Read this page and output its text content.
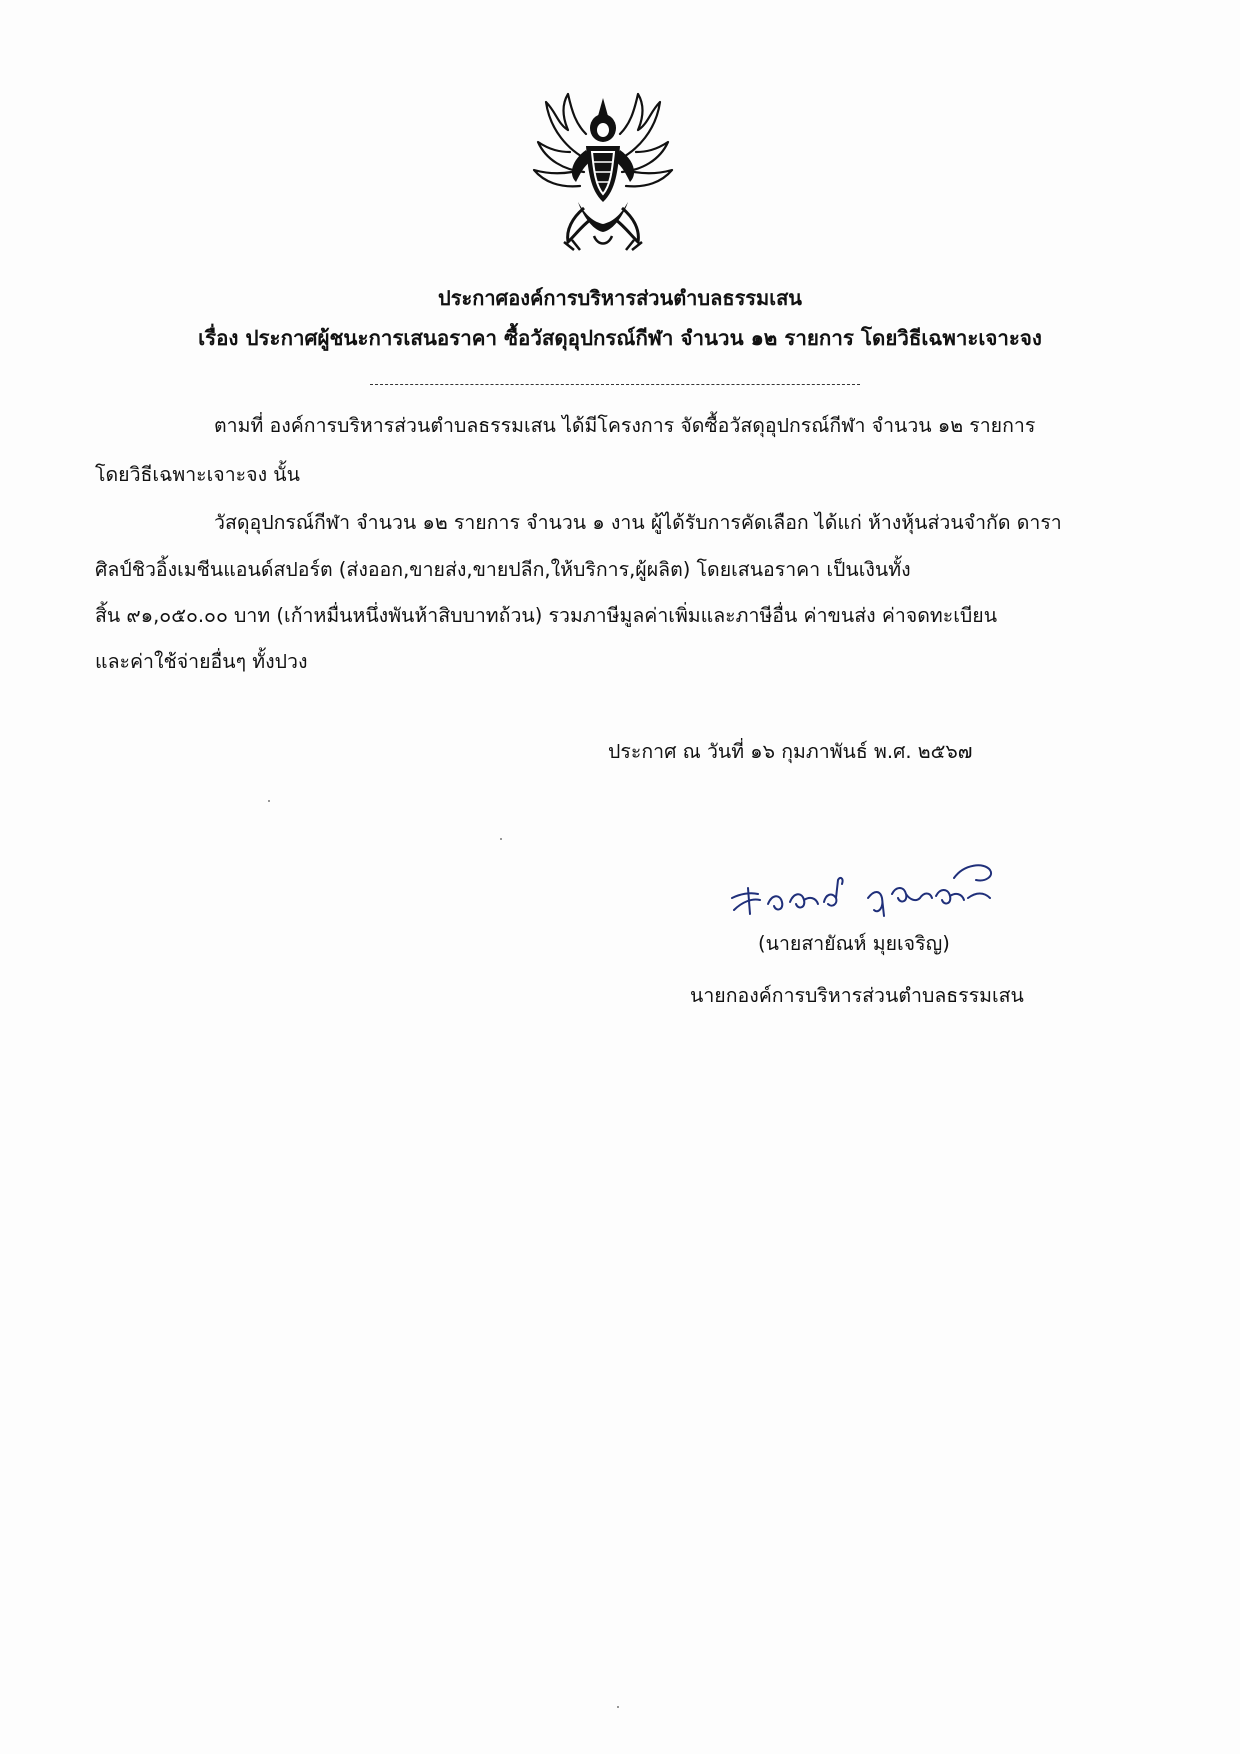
ประกาศองค์การบริหารส่วนตำบลธรรมเสน
เรื่อง ประกาศผู้ชนะการเสนอราคา ซื้อวัสดุอุปกรณ์กีฬา จำนวน ๑๒ รายการ โดยวิธีเฉพาะเจาะจง
ตามที่ องค์การบริหารส่วนตำบลธรรมเสน ได้มีโครงการ จัดซื้อวัสดุอุปกรณ์กีฬา จำนวน ๑๒ รายการ
โดยวิธีเฉพาะเจาะจง นั้น
วัสดุอุปกรณ์กีฬา จำนวน ๑๒ รายการ จำนวน ๑ งาน ผู้ได้รับการคัดเลือก ได้แก่ ห้างหุ้นส่วนจำกัด ดารา
ศิลป์ชิวอิ้งเมชีนแอนด์สปอร์ต (ส่งออก,ขายส่ง,ขายปลีก,ให้บริการ,ผู้ผลิต) โดยเสนอราคา เป็นเงินทั้ง
สิ้น ๙๑,๐๕๐.๐๐ บาท (เก้าหมื่นหนึ่งพันห้าสิบบาทถ้วน) รวมภาษีมูลค่าเพิ่มและภาษีอื่น ค่าขนส่ง ค่าจดทะเบียน
และค่าใช้จ่ายอื่นๆ ทั้งปวง
ประกาศ ณ วันที่ ๑๖ กุมภาพันธ์ พ.ศ. ๒๕๖๗
(นายสายัณห์ มุยเจริญ)
นายกองค์การบริหารส่วนตำบลธรรมเสน
